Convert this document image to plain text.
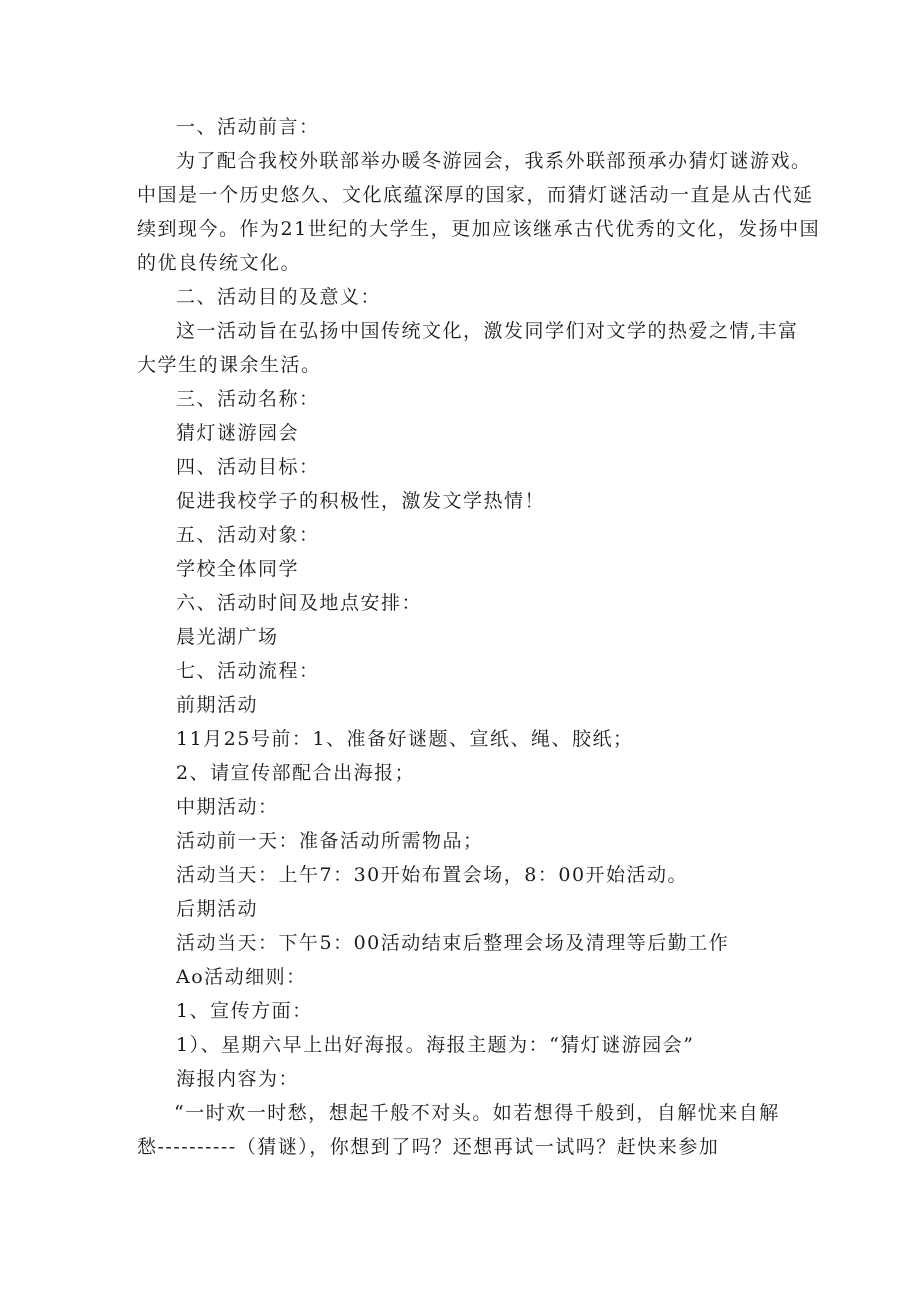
一、活动前言：
为了配合我校外联部举办暖冬游园会，我系外联部预承办猜灯谜游戏。
中国是一个历史悠久、文化底蕴深厚的国家，而猜灯谜活动一直是从古代延
续到现今。作为21世纪的大学生，更加应该继承古代优秀的文化，发扬中国
的优良传统文化。
二、活动目的及意义：
这一活动旨在弘扬中国传统文化，激发同学们对文学的热爱之情,丰富
大学生的课余生活。
三、活动名称：
猜灯谜游园会
四、活动目标：
促进我校学子的积极性，激发文学热情！
五、活动对象：
学校全体同学
六、活动时间及地点安排：
晨光湖广场
七、活动流程：
前期活动
11月25号前：1、准备好谜题、宣纸、绳、胶纸；
2、请宣传部配合出海报；
中期活动：
活动前一天：准备活动所需物品；
活动当天：上午7：30开始布置会场，8：00开始活动。
后期活动
活动当天：下午5：00活动结束后整理会场及清理等后勤工作
Ao活动细则：
1、宣传方面：
1）、星期六早上出好海报。海报主题为：“猜灯谜游园会”
海报内容为：
“一时欢一时愁，想起千般不对头。如若想得千般到，自解忧来自解
愁----------（猜谜），你想到了吗？还想再试一试吗？赶快来参加
